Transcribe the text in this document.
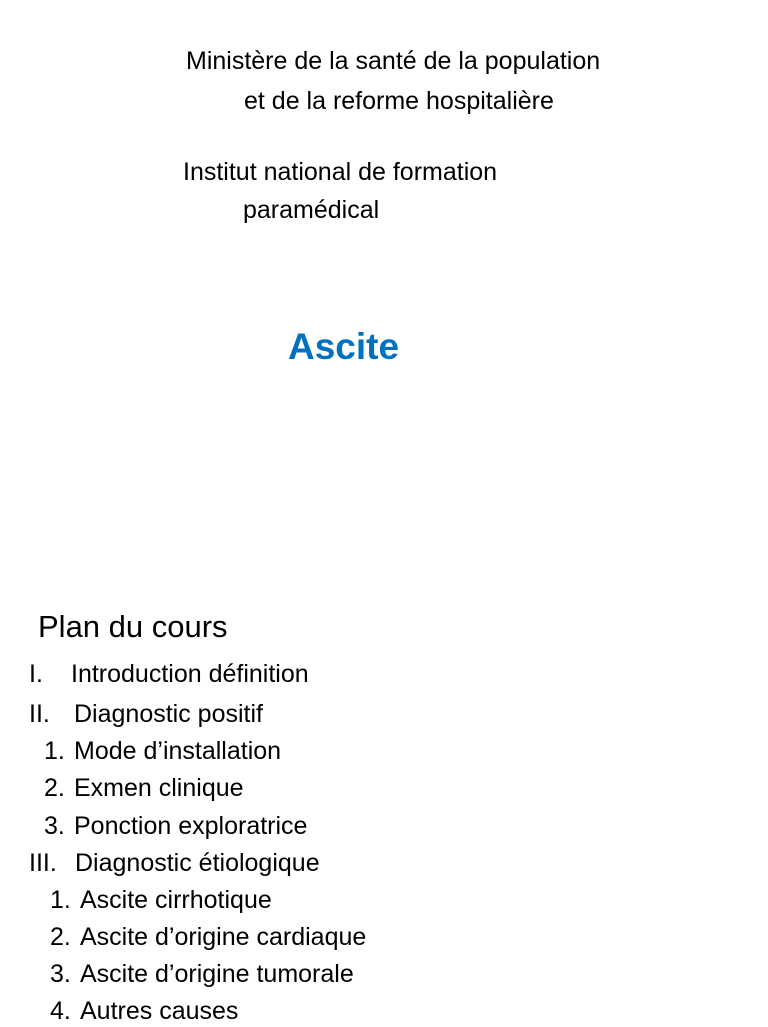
Ministère de la santé de la population
et de la reforme hospitalière
Institut national de formation
paramédical
Ascite
Plan du cours
I. Introduction définition
II. Diagnostic positif
1. Mode d’installation
2. Exmen clinique
3. Ponction exploratrice
III. Diagnostic étiologique
1. Ascite cirrhotique
2. Ascite d’origine cardiaque
3. Ascite d’origine tumorale
4. Autres causes
